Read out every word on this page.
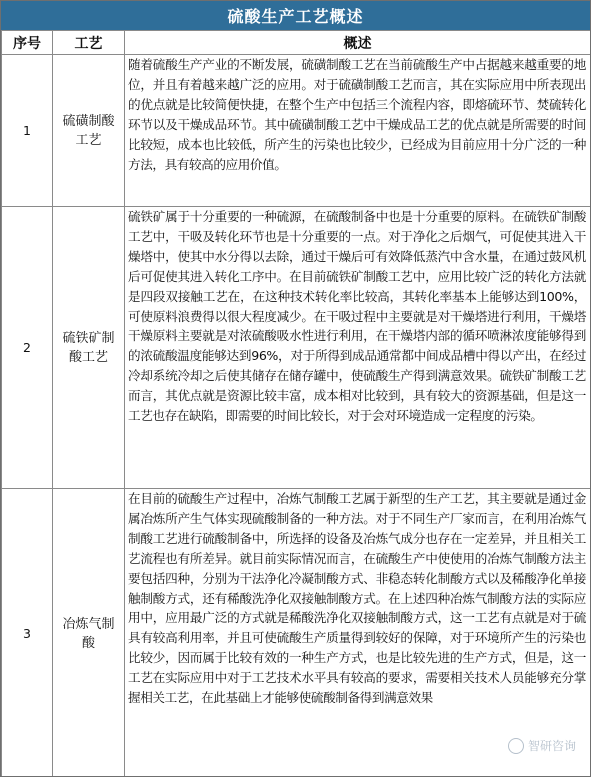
硫酸生产工艺概述
序号	工艺	概述
1	硫磺制酸工艺	随着硫酸生产产业的不断发展，硫磺制酸工艺在当前硫酸生产中占据越来越重要的地位，并且有着越来越广泛的应用。对于硫磺制酸工艺而言，其在实际应用中所表现出的优点就是比较简便快捷，在整个生产中包括三个流程内容，即熔硫环节、焚硫转化环节以及干燥成品环节。其中硫磺制酸工艺中干燥成品工艺的优点就是所需要的时间比较短，成本也比较低，所产生的污染也比较少，已经成为目前应用十分广泛的一种方法，具有较高的应用价值。
2	硫铁矿制酸工艺	硫铁矿属于十分重要的一种硫源，在硫酸制备中也是十分重要的原料。在硫铁矿制酸工艺中，干吸及转化环节也是十分重要的一点。对于净化之后烟气，可促使其进入干燥塔中，使其中水分得以去除，通过干燥后可有效降低蒸汽中含水量，在通过鼓风机后可促使其进入转化工序中。在目前硫铁矿制酸工艺中，应用比较广泛的转化方法就是四段双接触工艺在，在这种技术转化率比较高，其转化率基本上能够达到100%，可使原料浪费得以很大程度减少。在干吸过程中主要就是对干燥塔进行利用，干燥塔干燥原料主要就是对浓硫酸吸水性进行利用，在干燥塔内部的循环喷淋浓度能够得到的浓硫酸温度能够达到96%，对于所得到成品通常都中间成品槽中得以产出，在经过冷却系统冷却之后使其储存在储存罐中，使硫酸生产得到满意效果。硫铁矿制酸工艺而言，其优点就是资源比较丰富，成本相对比较到，具有较大的资源基础，但是这一工艺也存在缺陷，即需要的时间比较长，对于会对环境造成一定程度的污染。
3	冶炼气制酸	在目前的硫酸生产过程中，冶炼气制酸工艺属于新型的生产工艺，其主要就是通过金属冶炼所产生气体实现硫酸制备的一种方法。对于不同生产厂家而言，在利用冶炼气制酸工艺进行硫酸制备中，所选择的设备及冶炼气成分也存在一定差异，并且相关工艺流程也有所差异。就目前实际情况而言，在硫酸生产中使使用的冶炼气制酸方法主要包括四种，分别为干法净化冷凝制酸方式、非稳态转化制酸方式以及稀酸净化单接触制酸方式，还有稀酸洗净化双接触制酸方式。在上述四种冶炼气制酸方法的实际应用中，应用最广泛的方式就是稀酸洗净化双接触制酸方式，这一工艺有点就是对于硫具有较高利用率，并且可使硫酸生产质量得到较好的保障，对于环境所产生的污染也比较少，因而属于比较有效的一种生产方式，也是比较先进的生产方式，但是，这一工艺在实际应用中对于工艺技术水平具有较高的要求，需要相关技术人员能够充分掌握相关工艺，在此基础上才能够使硫酸制备得到满意效果
智研咨询
